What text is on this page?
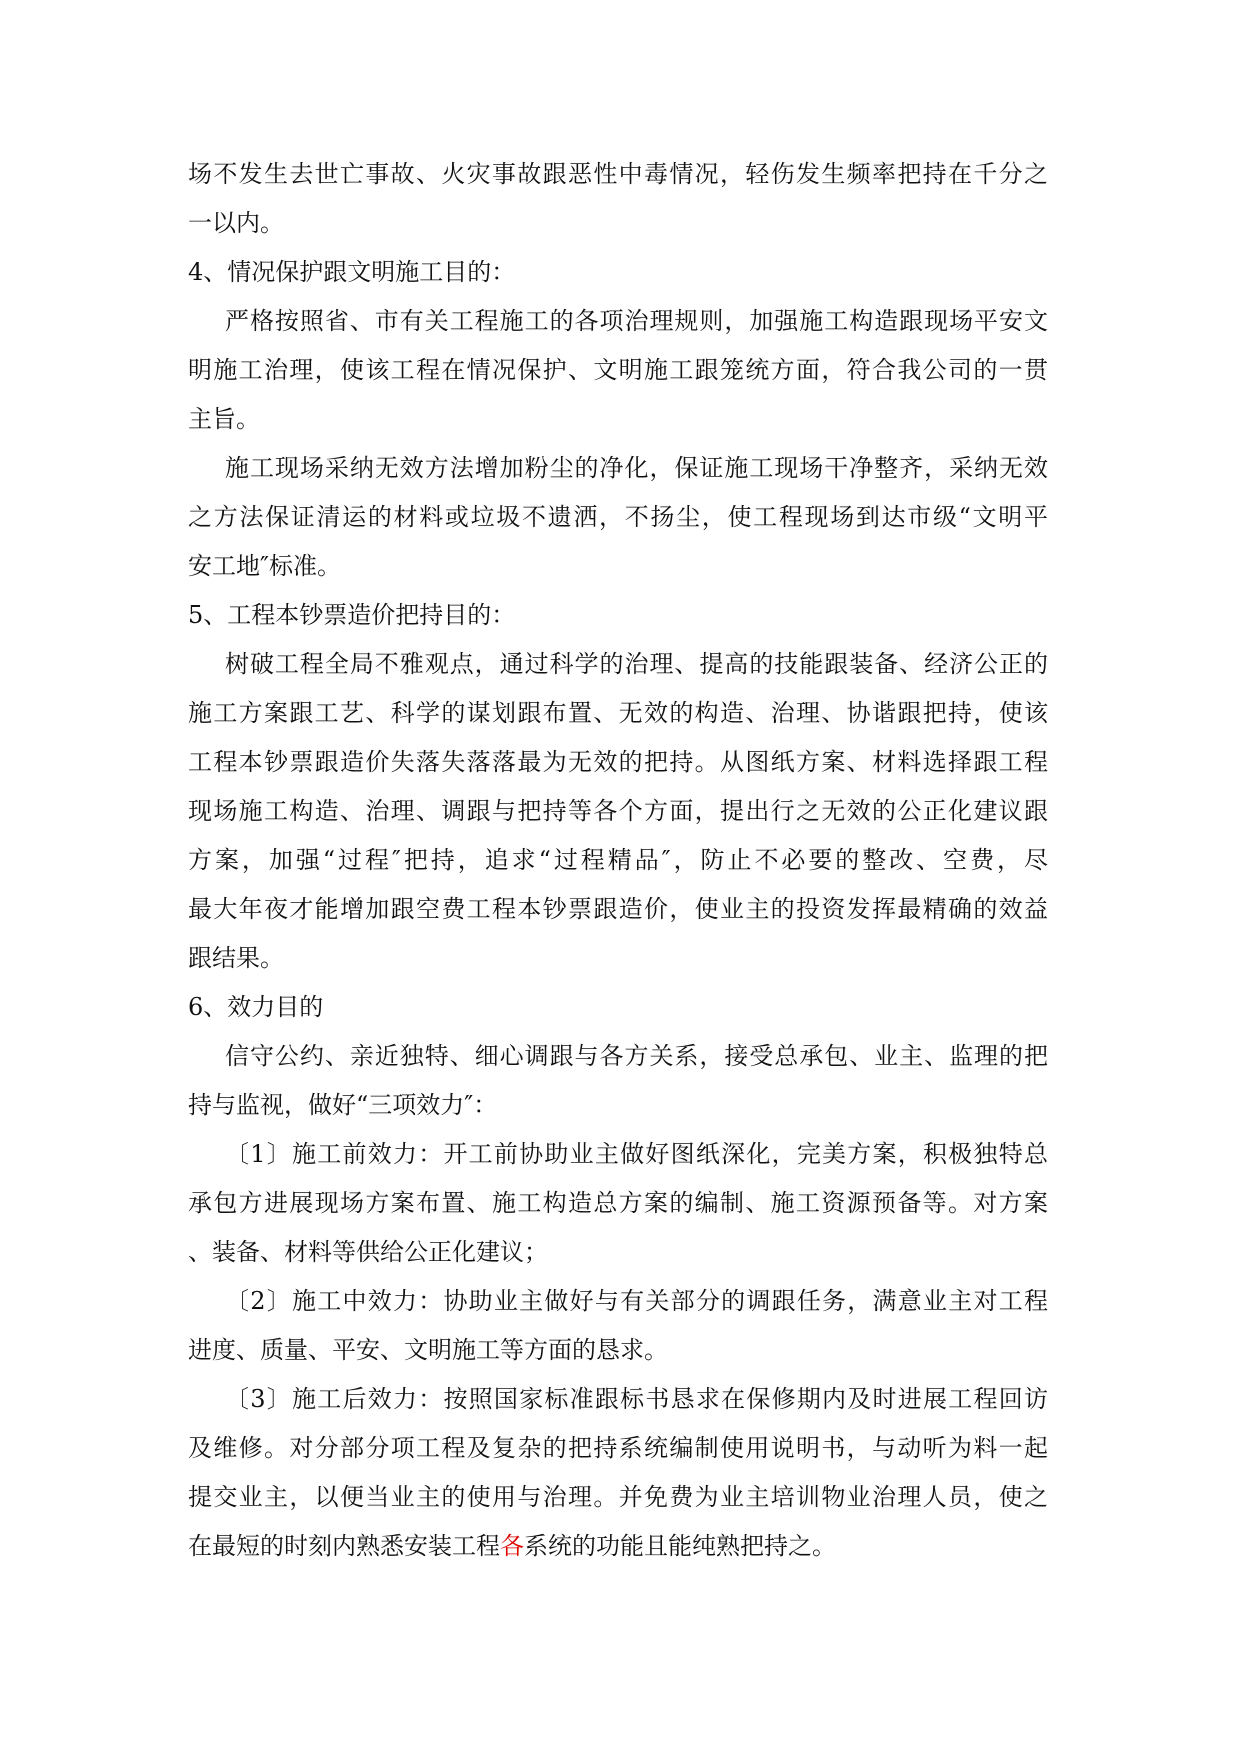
场不发生去世亡事故、火灾事故跟恶性中毒情况，轻伤发生频率把持在千分之
一以内。
4、情况保护跟文明施工目的：
严格按照省、市有关工程施工的各项治理规则，加强施工构造跟现场平安文
明施工治理，使该工程在情况保护、文明施工跟笼统方面，符合我公司的一贯
主旨。
施工现场采纳无效方法增加粉尘的净化，保证施工现场干净整齐，采纳无效
之方法保证清运的材料或垃圾不遗洒，不扬尘，使工程现场到达市级“文明平
安工地″标准。
5、工程本钞票造价把持目的：
树破工程全局不雅观点，通过科学的治理、提高的技能跟装备、经济公正的
施工方案跟工艺、科学的谋划跟布置、无效的构造、治理、协谐跟把持，使该
工程本钞票跟造价失落失落落最为无效的把持。从图纸方案、材料选择跟工程
现场施工构造、治理、调跟与把持等各个方面，提出行之无效的公正化建议跟
方案，加强“过程″把持，追求“过程精品″，防止不必要的整改、空费，尽
最大年夜才能增加跟空费工程本钞票跟造价，使业主的投资发挥最精确的效益
跟结果。
6、效力目的
信守公约、亲近独特、细心调跟与各方关系，接受总承包、业主、监理的把
持与监视，做好“三项效力″：
〔1〕施工前效力：开工前协助业主做好图纸深化，完美方案，积极独特总
承包方进展现场方案布置、施工构造总方案的编制、施工资源预备等。对方案
、装备、材料等供给公正化建议；
〔2〕施工中效力：协助业主做好与有关部分的调跟任务，满意业主对工程
进度、质量、平安、文明施工等方面的恳求。
〔3〕施工后效力：按照国家标准跟标书恳求在保修期内及时进展工程回访
及维修。对分部分项工程及复杂的把持系统编制使用说明书，与动听为料一起
提交业主，以便当业主的使用与治理。并免费为业主培训物业治理人员，使之
在最短的时刻内熟悉安装工程各系统的功能且能纯熟把持之。
